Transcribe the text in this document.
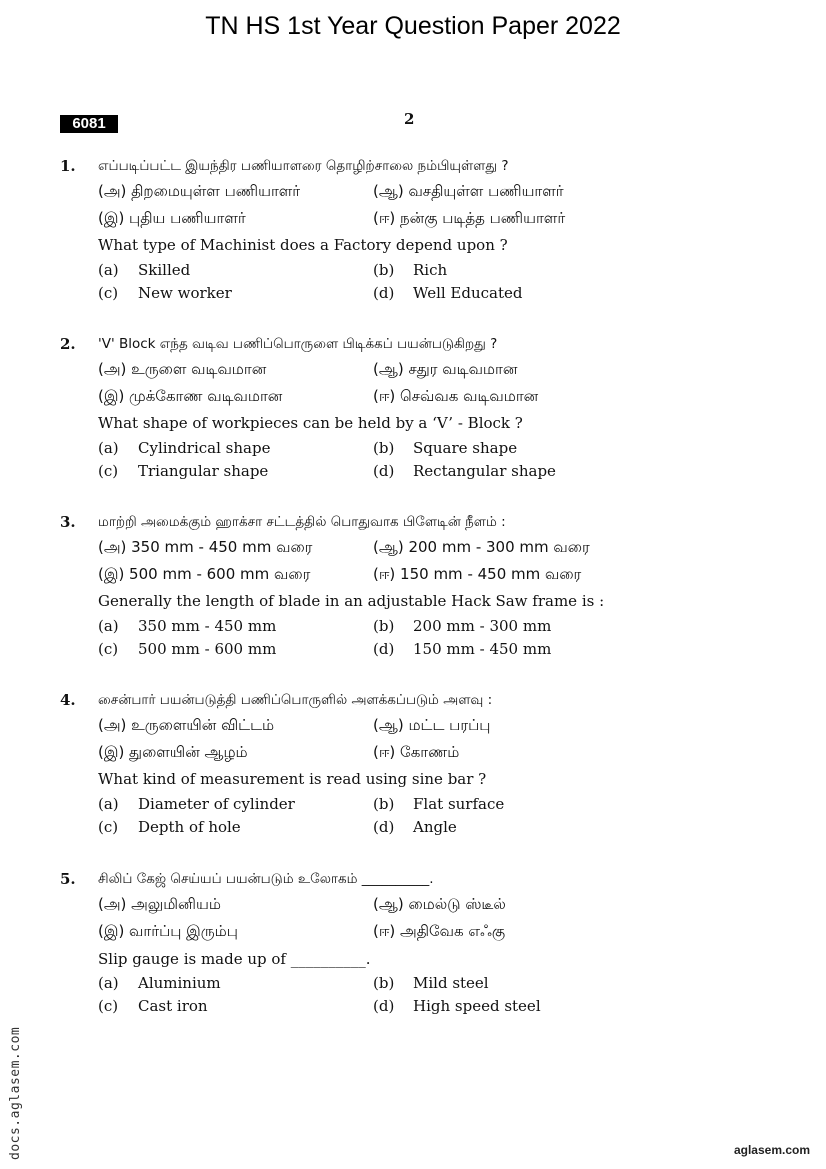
TN HS 1st Year Question Paper 2022
6081	2
1. எப்படிப்பட்ட இயந்திர பணியாளரை தொழிற்சாலை நம்பியுள்ளது ?
(அ) திறமையுள்ள பணியாளர்	(ஆ) வசதியுள்ள பணியாளர்
(இ) புதிய பணியாளர்	(ஈ) நன்கு படித்த பணியாளர்
What type of Machinist does a Factory depend upon ?
(a) Skilled	(b) Rich
(c) New worker	(d) Well Educated
2. 'V' Block எந்த வடிவ பணிப்பொருளை பிடிக்கப் பயன்படுகிறது ?
(அ) உருளை வடிவமான	(ஆ) சதுர வடிவமான
(இ) முக்கோண வடிவமான	(ஈ) செவ்வக வடிவமான
What shape of workpieces can be held by a ‘V’ - Block ?
(a) Cylindrical shape	(b) Square shape
(c) Triangular shape	(d) Rectangular shape
3. மாற்றி அமைக்கும் ஹாக்சா சட்டத்தில் பொதுவாக பிளேடின் நீளம் :
(அ) 350 mm - 450 mm வரை	(ஆ) 200 mm - 300 mm வரை
(இ) 500 mm - 600 mm வரை	(ஈ) 150 mm - 450 mm வரை
Generally the length of blade in an adjustable Hack Saw frame is :
(a) 350 mm - 450 mm	(b) 200 mm - 300 mm
(c) 500 mm - 600 mm	(d) 150 mm - 450 mm
4. சைன்பார் பயன்படுத்தி பணிப்பொருளில் அளக்கப்படும் அளவு :
(அ) உருளையின் விட்டம்	(ஆ) மட்ட பரப்பு
(இ) துளையின் ஆழம்	(ஈ) கோணம்
What kind of measurement is read using sine bar ?
(a) Diameter of cylinder	(b) Flat surface
(c) Depth of hole	(d) Angle
5. சிலிப் கேஜ் செய்யப் பயன்படும் உலோகம் __________.
(அ) அலுமினியம்	(ஆ) மைல்டு ஸ்டீல்
(இ) வார்ப்பு இரும்பு	(ஈ) அதிவேக எஃகு
Slip gauge is made up of __________.
(a) Aluminium	(b) Mild steel
(c) Cast iron	(d) High speed steel
docs.aglasem.com	aglasem.com
